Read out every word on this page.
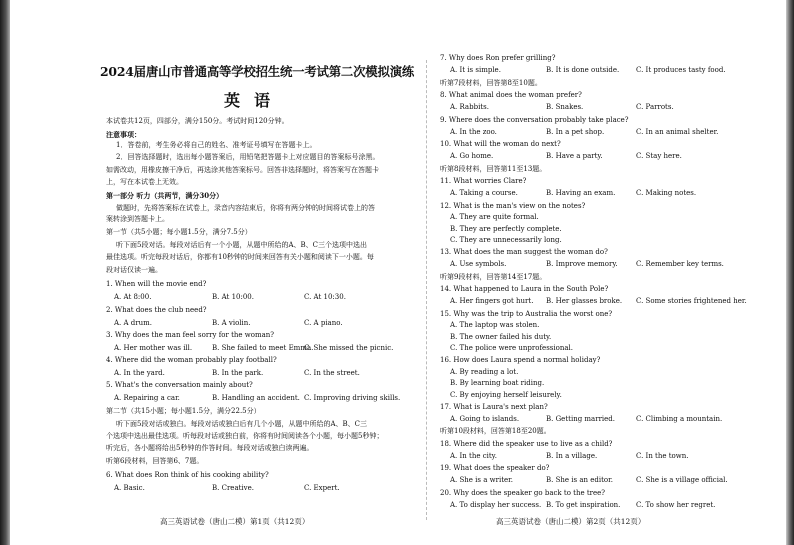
2024届唐山市普通高等学校招生统一考试第二次模拟演练
英语
本试卷共12页，四部分，满分150分。考试时间120分钟。
注意事项：
1．答卷前，考生务必将自己的姓名、准考证号填写在答题卡上。
2．回答选择题时，选出每小题答案后，用铅笔把答题卡上对应题目的答案标号涂黑。
如需改动，用橡皮擦干净后，再选涂其他答案标号。回答非选择题时，将答案写在答题卡
上，写在本试卷上无效。
第一部分 听力（共两节，满分30分）
做题时，先将答案标在试卷上，录音内容结束后，你将有两分钟的时间将试卷上的答
案转涂到答题卡上。
第一节（共5小题；每小题1.5分，满分7.5分）
听下面5段对话。每段对话后有一个小题，从题中所给的A、B、C三个选项中选出
最佳选项。听完每段对话后，你都有10秒钟的时间来回答有关小题和阅读下一小题。每
段对话仅读一遍。
1. When will the movie end?
A. At 8:00.	B. At 10:00.	C. At 10:30.
2. What does the club need?
A. A drum.	B. A violin.	C. A piano.
3. Why does the man feel sorry for the woman?
A. Her mother was ill.	B. She failed to meet Emma.
C. She missed the picnic.
4. Where did the woman probably play football?
A. In the yard.	B. In the park.	C. In the street.
5. What's the conversation mainly about?
A. Repairing a car.	B. Handling an accident. C. Improving driving skills.
第二节（共15小题；每小题1.5分，满分22.5分）
听下面5段对话或独白。每段对话或独白后有几个小题，从题中所给的A、B、C三
个选项中选出最佳选项。听每段对话或独白前，你将有时间阅读各个小题，每小题5秒钟；
听完后，各小题将给出5秒钟的作答时间。每段对话或独白读两遍。
听第6段材料，回答第6、7题。
6. What does Ron think of his cooking ability?
A. Basic.	B. Creative.	C. Expert.
7. Why does Ron prefer grilling?
A. It is simple.	B. It is done outside. C. It produces tasty food.
听第7段材料，回答第8至10题。
8. What animal does the woman prefer?
A. Rabbits.	B. Snakes.	C. Parrots.
9. Where does the conversation probably take place?
A. In the zoo.	B. In a pet shop.	C. In an animal shelter.
10. What will the woman do next?
A. Go home.	B. Have a party.	C. Stay here.
听第8段材料，回答第11至13题。
11. What worries Clare?
A. Taking a course.	B. Having an exam.	C. Making notes.
12. What is the man's view on the notes?
A. They are quite formal.
B. They are perfectly complete.
C. They are unnecessarily long.
13. What does the man suggest the woman do?
A. Use symbols.	B. Improve memory.	C. Remember key terms.
听第9段材料，回答第14至17题。
14. What happened to Laura in the South Pole?
A. Her fingers got hurt. B. Her glasses broke. C. Some stories frightened her.
15. Why was the trip to Australia the worst one?
A. The laptop was stolen.
B. The owner failed his duty.
C. The police were unprofessional.
16. How does Laura spend a normal holiday?
A. By reading a lot.
B. By learning boat riding.
C. By enjoying herself leisurely.
17. What is Laura's next plan?
A. Going to islands.	B. Getting married.	C. Climbing a mountain.
听第10段材料，回答第18至20题。
18. Where did the speaker use to live as a child?
A. In the city.	B. In a village.	C. In the town.
19. What does the speaker do?
A. She is a writer.	B. She is an editor.	C. She is a village official.
20. Why does the speaker go back to the tree?
A. To display her success. B. To get inspiration. C. To show her regret.
高三英语试卷（唐山二模）第1页（共12页）	高三英语试卷（唐山二模）第2页（共12页）
